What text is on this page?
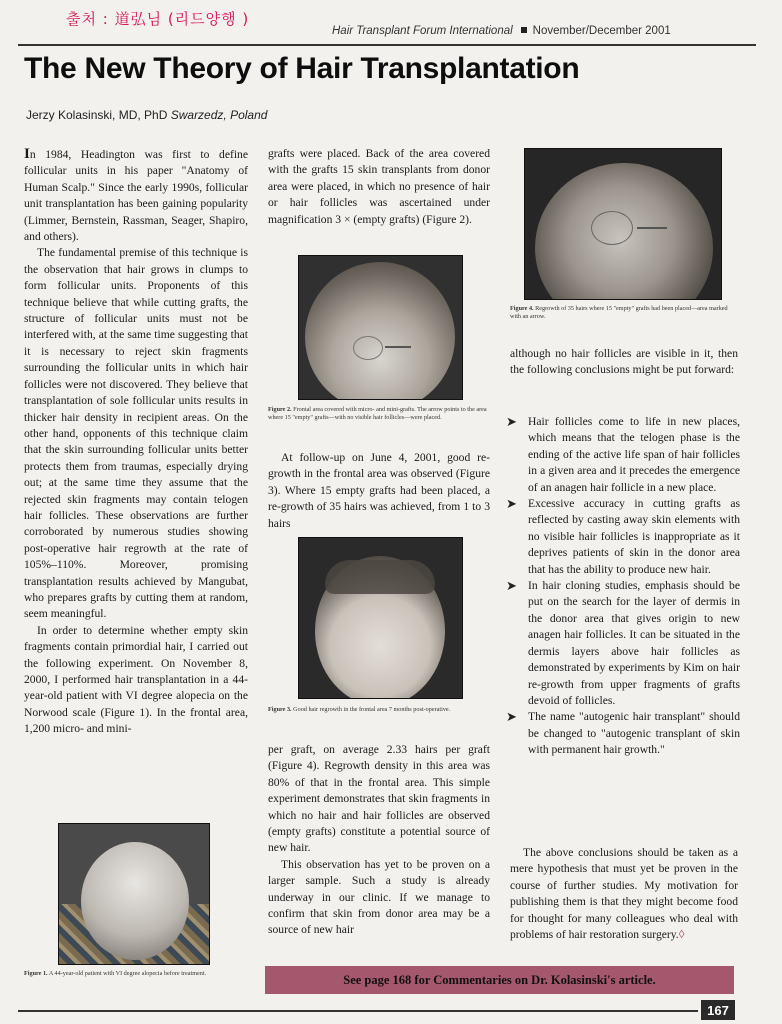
출처 : 道弘님 (리드양행 )
Hair Transplant Forum International November/December 2001
The New Theory of Hair Transplantation
Jerzy Kolasinski, MD, PhD Swarzedz, Poland

In 1984, Headington was first to define follicular units in his paper "Anatomy of Human Scalp." Since the early 1990s, follicular unit transplantation has been gaining popularity (Limmer, Bernstein, Rassman, Seager, Shapiro, and others).

The fundamental premise of this technique is the observation that hair grows in clumps to form follicular units. Proponents of this technique believe that while cutting grafts, the structure of follicular units must not be interfered with, at the same time suggesting that it is necessary to reject skin fragments surrounding the follicular units in which hair follicles were not discovered. They believe that transplantation of sole follicular units results in thicker hair density in recipient areas. On the other hand, opponents of this technique claim that the skin surrounding follicular units better protects them from traumas, especially drying out; at the same time they assume that the rejected skin fragments may contain telogen hair follicles. These observations are further corroborated by numerous studies showing post-operative hair regrowth at the rate of 105%–110%. Moreover, promising transplantation results achieved by Mangubat, who prepares grafts by cutting them at random, seem meaningful.

In order to determine whether empty skin fragments contain primordial hair, I carried out the following experiment. On November 8, 2000, I performed hair transplantation in a 44-year-old patient with VI degree alopecia on the Norwood scale (Figure 1). In the frontal area, 1,200 micro- and mini-

Figure 1. A 44-year-old patient with VI degree alopecia before treatment.

grafts were placed. Back of the area covered with the grafts 15 skin transplants from donor area were placed, in which no presence of hair or hair follicles was ascertained under magnification 3 × (empty grafts) (Figure 2).

Figure 2. Frontal area covered with micro- and mini-grafts. The arrow points to the area where 15 "empty" grafts—with no visible hair follicles—were placed.

At follow-up on June 4, 2001, good re-growth in the frontal area was observed (Figure 3). Where 15 empty grafts had been placed, a re-growth of 35 hairs was achieved, from 1 to 3 hairs

Figure 3. Good hair regrowth in the frontal area 7 months post-operative.

per graft, on average 2.33 hairs per graft (Figure 4). Regrowth density in this area was 80% of that in the frontal area. This simple experiment demonstrates that skin fragments in which no hair and hair follicles are observed (empty grafts) constitute a potential source of new hair.

This observation has yet to be proven on a larger sample. Such a study is already underway in our clinic. If we manage to confirm that skin from donor area may be a source of new hair

Figure 4. Regrowth of 35 hairs where 15 "empty" grafts had been placed—area marked with an arrow.

although no hair follicles are visible in it, then the following conclusions might be put forward:

➤ Hair follicles come to life in new places, which means that the telogen phase is the ending of the active life span of hair follicles in a given area and it precedes the emergence of an anagen hair follicle in a new place.
➤ Excessive accuracy in cutting grafts as reflected by casting away skin elements with no visible hair follicles is inappropriate as it deprives patients of skin in the donor area that has the ability to produce new hair.
➤ In hair cloning studies, emphasis should be put on the search for the layer of dermis in the donor area that gives origin to new anagen hair follicles. It can be situated in the dermis layers above hair follicles as demonstrated by experiments by Kim on hair re-growth from upper fragments of grafts devoid of follicles.
➤ The name "autogenic hair transplant" should be changed to "autogenic transplant of skin with permanent hair growth."

The above conclusions should be taken as a mere hypothesis that must yet be proven in the course of further studies. My motivation for publishing them is that they might become food for thought for many colleagues who deal with problems of hair restoration surgery.◊

See page 168 for Commentaries on Dr. Kolasinski's article.
167
